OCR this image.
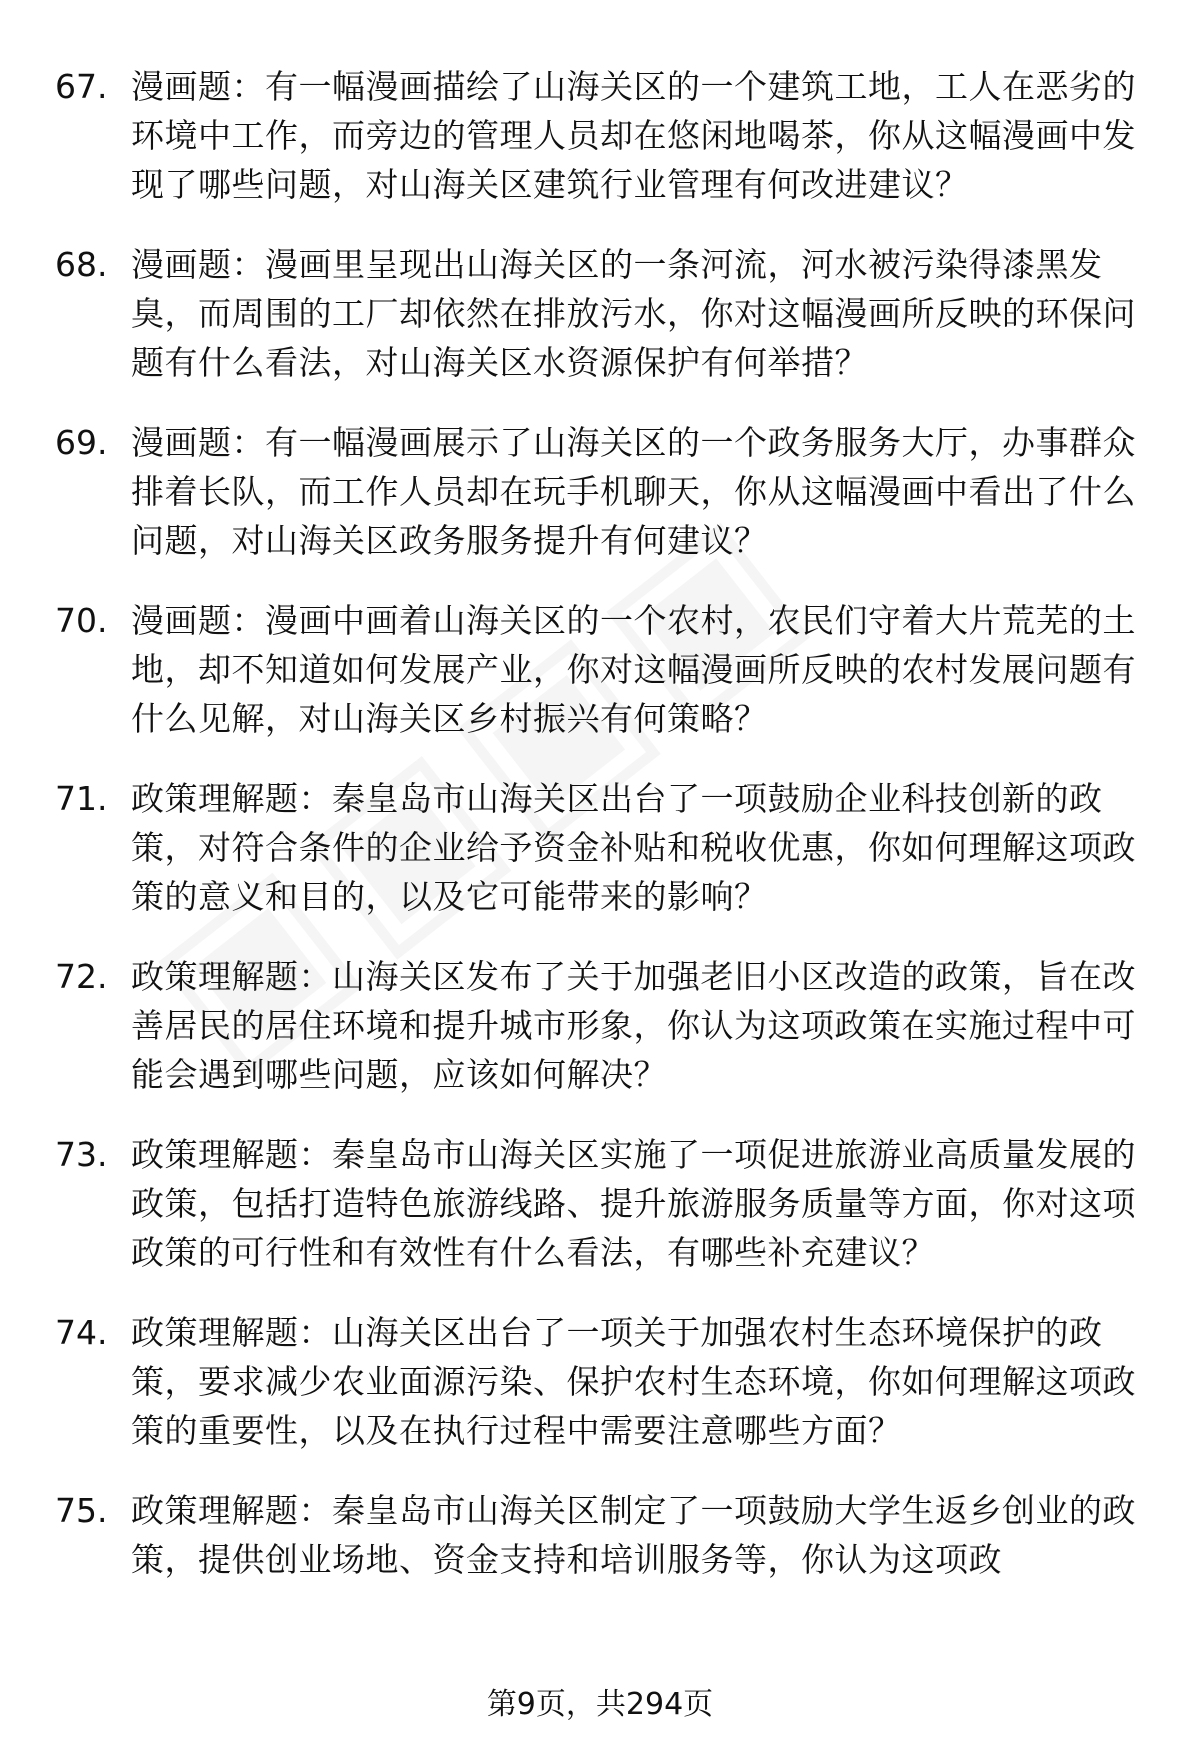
67. 漫画题：有一幅漫画描绘了山海关区的一个建筑工地，工人在恶劣的环境中工作，而旁边的管理人员却在悠闲地喝茶，你从这幅漫画中发现了哪些问题，对山海关区建筑行业管理有何改进建议？
68. 漫画题：漫画里呈现出山海关区的一条河流，河水被污染得漆黑发臭，而周围的工厂却依然在排放污水，你对这幅漫画所反映的环保问题有什么看法，对山海关区水资源保护有何举措？
69. 漫画题：有一幅漫画展示了山海关区的一个政务服务大厅，办事群众排着长队，而工作人员却在玩手机聊天，你从这幅漫画中看出了什么问题，对山海关区政务服务提升有何建议？
70. 漫画题：漫画中画着山海关区的一个农村，农民们守着大片荒芜的土地，却不知道如何发展产业，你对这幅漫画所反映的农村发展问题有什么见解，对山海关区乡村振兴有何策略？
71. 政策理解题：秦皇岛市山海关区出台了一项鼓励企业科技创新的政策，对符合条件的企业给予资金补贴和税收优惠，你如何理解这项政策的意义和目的，以及它可能带来的影响？
72. 政策理解题：山海关区发布了关于加强老旧小区改造的政策，旨在改善居民的居住环境和提升城市形象，你认为这项政策在实施过程中可能会遇到哪些问题，应该如何解决？
73. 政策理解题：秦皇岛市山海关区实施了一项促进旅游业高质量发展的政策，包括打造特色旅游线路、提升旅游服务质量等方面，你对这项政策的可行性和有效性有什么看法，有哪些补充建议？
74. 政策理解题：山海关区出台了一项关于加强农村生态环境保护的政策，要求减少农业面源污染、保护农村生态环境，你如何理解这项政策的重要性，以及在执行过程中需要注意哪些方面？
75. 政策理解题：秦皇岛市山海关区制定了一项鼓励大学生返乡创业的政策，提供创业场地、资金支持和培训服务等，你认为这项政
第9页，共294页
